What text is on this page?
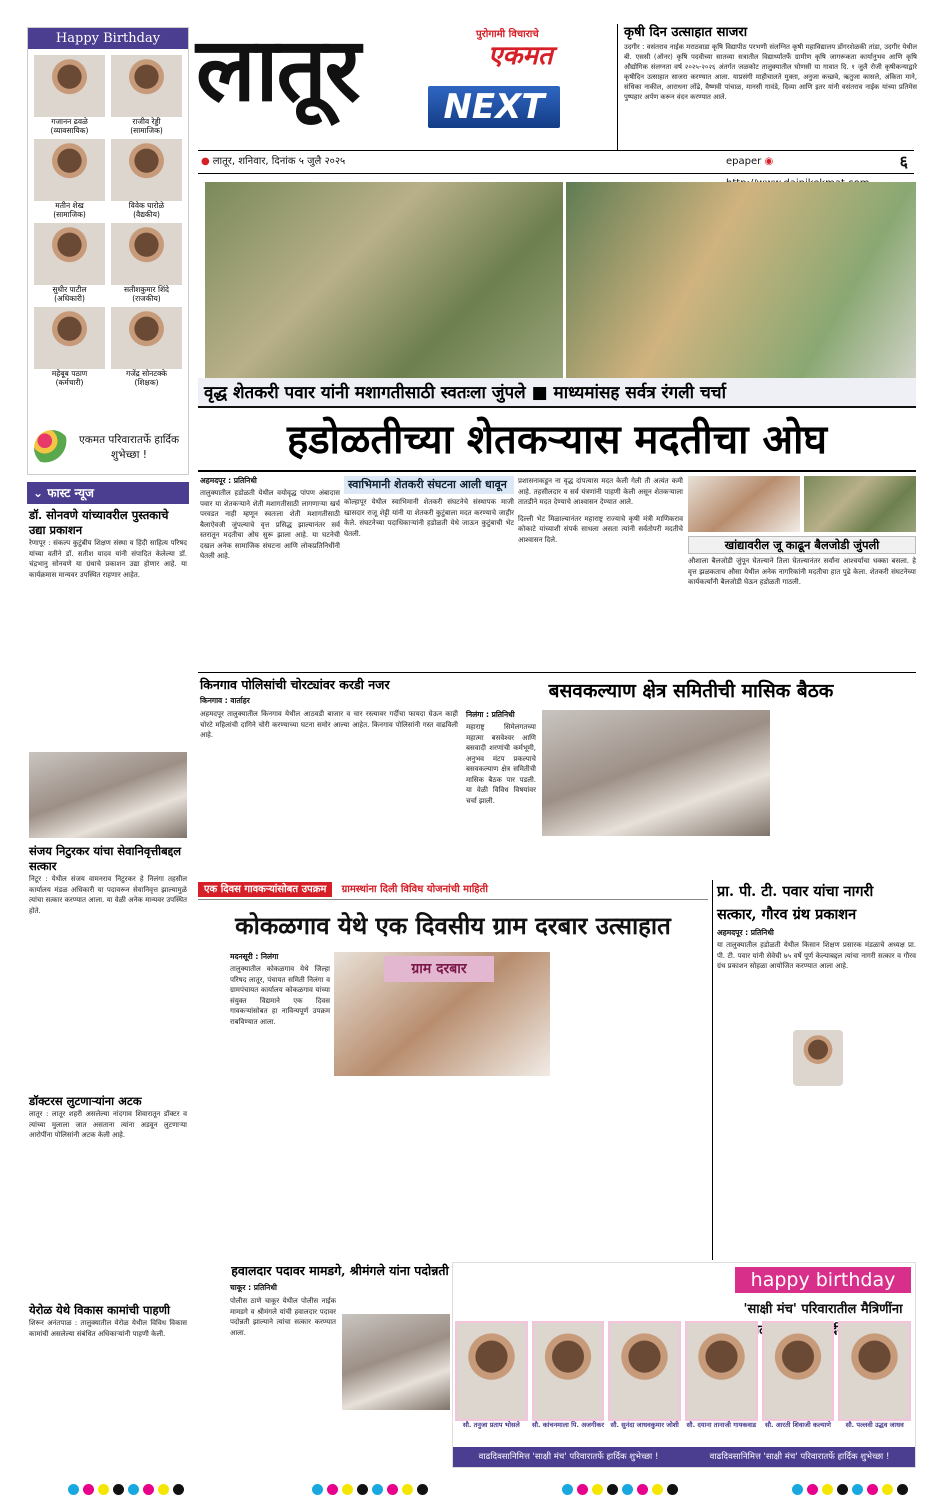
Happy Birthday
गजानन ढवळे
(व्यावसायिक)
राजीव रेड्डी
(सामाजिक)
मतीन शेख
(सामाजिक)
विवेक घारोळे
(वैद्यकीय)
सुधीर पाटील
(अधिकारी)
सतीशकुमार शिंदे
(राजकीय)
महेबूब पठाण
(कर्मचारी)
गजेंद्र सोनटक्के
(शिक्षक)
एकमत परिवारातर्फे हार्दिक शुभेच्छा !
लातूर	पुरोगामी विचाराचे
एकमत
NEXT
● लातूर, शनिवार, दिनांक ५ जुलै २०२५	epaper ◉	६
कृषी दिन उत्साहात साजरा
उदगीर : वसंतराव नाईक मराठवाडा कृषि विद्यापीठ परभणी संलग्नित कृषी महाविद्यालय डोंगरशेळकी तांडा, उदगीर येथील बी. एससी (ऑनर) कृषि पदवीच्या सातव्या सत्रातील विद्यार्थ्यांतर्फे ग्रामीण कृषि जागरूकता कार्यानुभव आणि कृषि औद्योगिक संलग्नता वर्ष २०२५-२०२६ अंतर्गत जळकोट तालुक्यातील घोणसी या गावात दि. १ जुलै रोजी कृषीकन्याद्वारे कृषीदिन उत्साहात साजरा करण्यात आला. याप्रसंगी माहीचालते मुक्ता, अनुजा कच्छवे, ऋतुजा कासले, अंकिता माने, संधिका नाकील, आराधना लोंढे, वैष्णवी पांचाळ, मानसी गावंडे, दिव्या आणि इतर यांनी वसंतराव नाईक यांच्या प्रतिमेस पुष्पहार अर्पण करून वंदन करण्यात आले.
वृद्ध शेतकरी पवार यांनी मशागतीसाठी स्वतःला जुंपले ■ माध्यमांसह सर्वत्र रंगली चर्चा
हडोळतीच्या शेतकऱ्यास मदतीचा ओघ
अहमदपूर : प्रतिनिधी
तालुक्यातील हडोळती येथील वयोवृद्ध पांपण अंबादास पवार या शेतकऱ्याने शेती मशागतीसाठी लागणाऱ्या खर्च परवडत नाही म्हणून स्वतःला शेती मशागतीसाठी बैलाऐवजी जुंपल्याचे वृत्त प्रसिद्ध झाल्यानंतर सर्व स्तरातून मदतीचा ओघ सुरू झाला आहे. या घटनेची दखल अनेक सामाजिक संघटना आणि लोकप्रतिनिधींनी घेतली आहे.
स्वाभिमानी शेतकरी संघटना आली धावून
कोल्हापूर येथील स्वाभिमानी शेतकरी संघटनेचे संस्थापक माजी खासदार राजू शेट्टी यांनी या शेतकरी कुटुंबाला मदत करण्याचे जाहीर केले. संघटनेच्या पदाधिकाऱ्यांनी हडोळती येथे जाऊन कुटुंबाची भेट घेतली.
प्रशासनाकडून ना वृद्ध दांपत्यास मदत केली गेली ती अत्यंत कमी आहे. तहसीलदार व सर्व यंत्रणांनी पाहणी केली असून शेतकऱ्याला तातडीने मदत देण्याचे आश्वासन देण्यात आले.
दिल्ली भेट मिळाल्यानंतर महाराष्ट्र राज्याचे कृषी मंत्री माणिकराव कोकाटे यांच्याशी संपर्क साधला असता त्यांनी सर्वतोपरी मदतीचे आश्वासन दिले.	खांद्यावरील जू काढून बैलजोडी जुंपली
औशाला बैलजोडी जुंपून घेतल्याने तिला घेतल्यानंतर सर्वांना आश्चर्याचा धक्का बसला. हे वृत्त झळकताच औसा येथील अनेक नागरिकांनी मदतीचा हात पुढे केला. शेतकरी संघटनेच्या कार्यकर्त्यांनी बैलजोडी घेऊन हडोळती गाठली.
⌄ फास्ट न्यूज
डॉ. सोनवणे यांच्यावरील पुस्तकाचे उद्या प्रकाशन
रेणापूर : संकल्प कुटुंबीय शिक्षण संस्था व हिंदी साहित्य परिषद यांच्या वतीने डॉ. सतीश यादव यांनी संपादित केलेल्या डॉ. चंद्रभानु सोनवणे या ग्रंथाचे प्रकाशन उद्या होणार आहे. या कार्यक्रमास मान्यवर उपस्थित राहणार आहेत.
संजय निटुरकर यांचा सेवानिवृत्तीबद्दल सत्कार
निटूर : येथील संजय वामनराव निटुरकर हे निलंगा तहसील कार्यालय मंडळ अधिकारी या पदावरून सेवानिवृत्त झाल्यामुळे त्यांचा सत्कार करण्यात आला. या वेळी अनेक मान्यवर उपस्थित होते.
डॉक्टरस लुटणाऱ्यांना अटक
लातूर : लातूर शहरी असलेल्या नांदगाव शिवारातून डॉक्टर व त्यांच्या मुलाला जात असताना त्यांना अडवून लुटणाऱ्या आरोपींना पोलिसांनी अटक केली आहे.
येरोळ येथे विकास कामांची पाहणी
शिरूर अनंतपाळ : तालुक्यातील येरोळ येथील विविध विकास कामांची असलेल्या संबंधित अधिकाऱ्यांनी पाहणी केली.
किनगाव पोलिसांची चोरट्यांवर करडी नजर
किनगाव : वार्ताहर
अहमदपूर तालुक्यातील किनगाव येथील आठवडी बाजार व चार रस्त्यावर गर्दीचा फायदा घेऊन काही चोरटे महिलांची दागिने चोरी करण्याच्या घटना समोर आल्या आहेत. किनगाव पोलिसांनी गस्त वाढविली आहे.
बसवकल्याण क्षेत्र समितीची मासिक बैठक
निलंगा : प्रतिनिधी
महाराष्ट्र सिमेलगतच्या महात्मा बसवेश्वर आणि बसवादी शरणांची कर्मभूमी, अनुभव मंटप प्रकल्पाचे बसवकल्याण क्षेत्र समितीची मासिक बैठक पार पडली. या वेळी विविध विषयांवर चर्चा झाली.
एक दिवस गावकऱ्यांसोबत उपक्रम ग्रामस्थांना दिली विविध योजनांची माहिती
कोकळगाव येथे एक दिवसीय ग्राम दरबार उत्साहात
मदनसूरी : निलंगा
तालुक्यातील कोकळगाव येथे जिल्हा परिषद लातूर, पंचायत समिती निलंगा व ग्रामपंचायत कार्यालय कोकळगाव यांच्या संयुक्त विद्यमाने एक दिवस गावकऱ्यांसोबत हा नाविन्यपूर्ण उपक्रम राबविण्यात आला.
ग्राम दरबार
प्रा. पी. टी. पवार यांचा नागरी सत्कार, गौरव ग्रंथ प्रकाशन
अहमदपूर : प्रतिनिधी
या तालुक्यातील हडोळती येथील किसान शिक्षण प्रसारक मंडळाचे अध्यक्ष प्रा. पी. टी. पवार यांनी सेवेची ७५ वर्षे पूर्ण केल्याबद्दल त्यांचा नागरी सत्कार व गौरव ग्रंथ प्रकाशन सोहळा आयोजित करण्यात आला आहे.
हवालदार पदावर मामडगे, श्रीमंगले यांना पदोन्नती
चाकूर : प्रतिनिधी
पोलीस ठाणे चाकूर येथील पोलीस नाईक मामडगे व श्रीमंगले यांची हवालदार पदावर पदोन्नती झाल्याने त्यांचा सत्कार करण्यात आला.
happy birthday
'साक्षी मंच' परिवारातील मैत्रिणींना
सौ. तनुजा प्रताप भोसले	सौ. कांचनमाला पि. अजगीकर सौ. सुनंदा जाधवकुमार जोशी	सौ. दयाना तानाजी गायकवाड	सौ. आरती शिवाजी कल्याणे	सौ. पल्लवी उद्धव जाधव
वाढदिवसानिमित्त 'साक्षी मंच' परिवारातर्फे हार्दिक शुभेच्छा !	वाढदिवसानिमित्त 'साक्षी मंच' परिवारातर्फे हार्दिक शुभेच्छा !
